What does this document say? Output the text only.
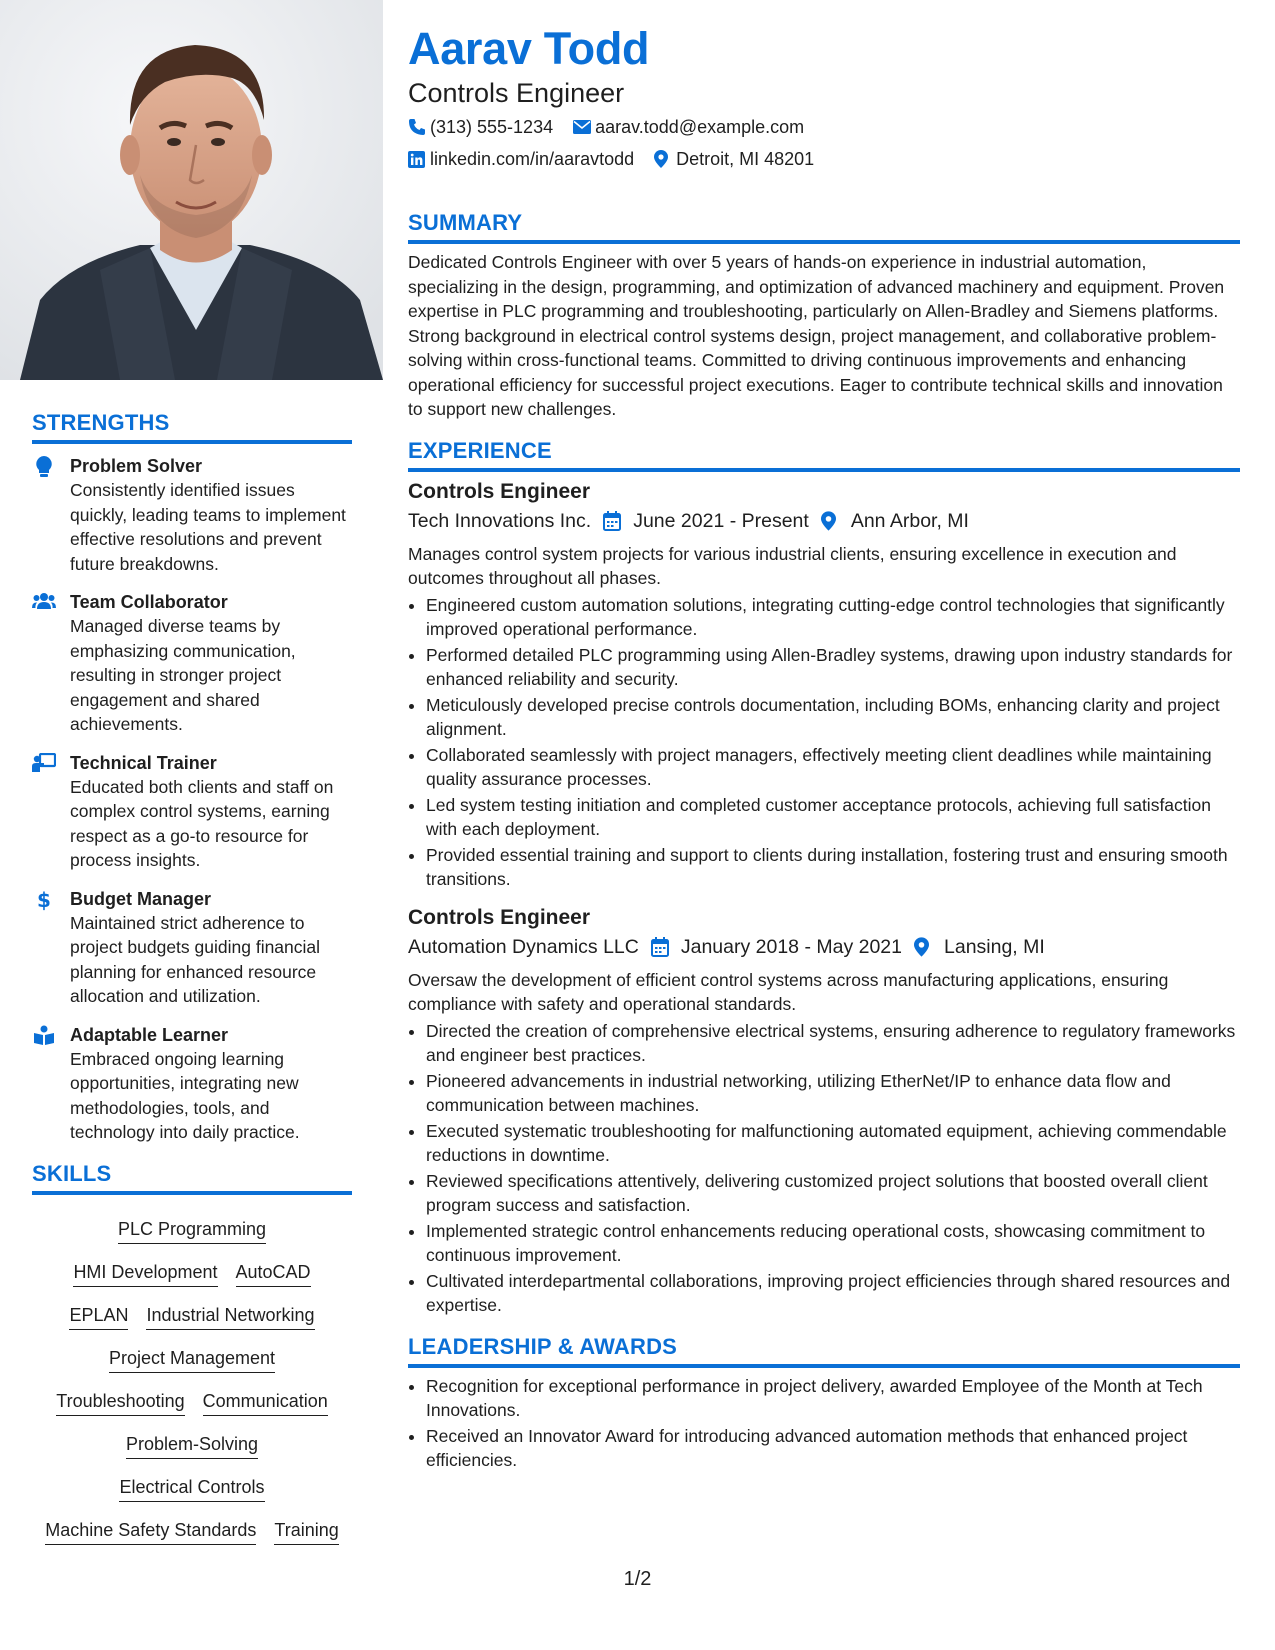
STRENGTHS
Problem Solver
Consistently identified issues quickly, leading teams to implement effective resolutions and prevent future breakdowns.
Team Collaborator
Managed diverse teams by emphasizing communication, resulting in stronger project engagement and shared achievements.
Technical Trainer
Educated both clients and staff on complex control systems, earning respect as a go-to resource for process insights.
$ Budget Manager
Maintained strict adherence to project budgets guiding financial planning for enhanced resource allocation and utilization.
Adaptable Learner
Embraced ongoing learning opportunities, integrating new methodologies, tools, and technology into daily practice.
SKILLS
PLC Programming
HMI Development AutoCAD
EPLAN Industrial Networking
Project Management
Troubleshooting Communication
Problem-Solving
Electrical Controls
Machine Safety Standards Training
Aarav Todd
Controls Engineer
(313) 555-1234 aarav.todd@example.com
linkedin.com/in/aaravtodd Detroit, MI 48201
SUMMARY
Dedicated Controls Engineer with over 5 years of hands-on experience in industrial automation, specializing in the design, programming, and optimization of advanced machinery and equipment. Proven expertise in PLC programming and troubleshooting, particularly on Allen-Bradley and Siemens platforms. Strong background in electrical control systems design, project management, and collaborative problem-solving within cross-functional teams. Committed to driving continuous improvements and enhancing operational efficiency for successful project executions. Eager to contribute technical skills and innovation to support new challenges.
EXPERIENCE
Controls Engineer
Tech Innovations Inc. June 2021 - Present Ann Arbor, MI
Manages control system projects for various industrial clients, ensuring excellence in execution and outcomes throughout all phases.
• Engineered custom automation solutions, integrating cutting-edge control technologies that significantly improved operational performance.
• Performed detailed PLC programming using Allen-Bradley systems, drawing upon industry standards for enhanced reliability and security.
• Meticulously developed precise controls documentation, including BOMs, enhancing clarity and project alignment.
• Collaborated seamlessly with project managers, effectively meeting client deadlines while maintaining quality assurance processes.
• Led system testing initiation and completed customer acceptance protocols, achieving full satisfaction with each deployment.
• Provided essential training and support to clients during installation, fostering trust and ensuring smooth transitions.
Controls Engineer
Automation Dynamics LLC January 2018 - May 2021 Lansing, MI
Oversaw the development of efficient control systems across manufacturing applications, ensuring compliance with safety and operational standards.
• Directed the creation of comprehensive electrical systems, ensuring adherence to regulatory frameworks and engineer best practices.
• Pioneered advancements in industrial networking, utilizing EtherNet/IP to enhance data flow and communication between machines.
• Executed systematic troubleshooting for malfunctioning automated equipment, achieving commendable reductions in downtime.
• Reviewed specifications attentively, delivering customized project solutions that boosted overall client program success and satisfaction.
• Implemented strategic control enhancements reducing operational costs, showcasing commitment to continuous improvement.
• Cultivated interdepartmental collaborations, improving project efficiencies through shared resources and expertise.
LEADERSHIP & AWARDS
• Recognition for exceptional performance in project delivery, awarded Employee of the Month at Tech Innovations.
• Received an Innovator Award for introducing advanced automation methods that enhanced project efficiencies.
1/2
